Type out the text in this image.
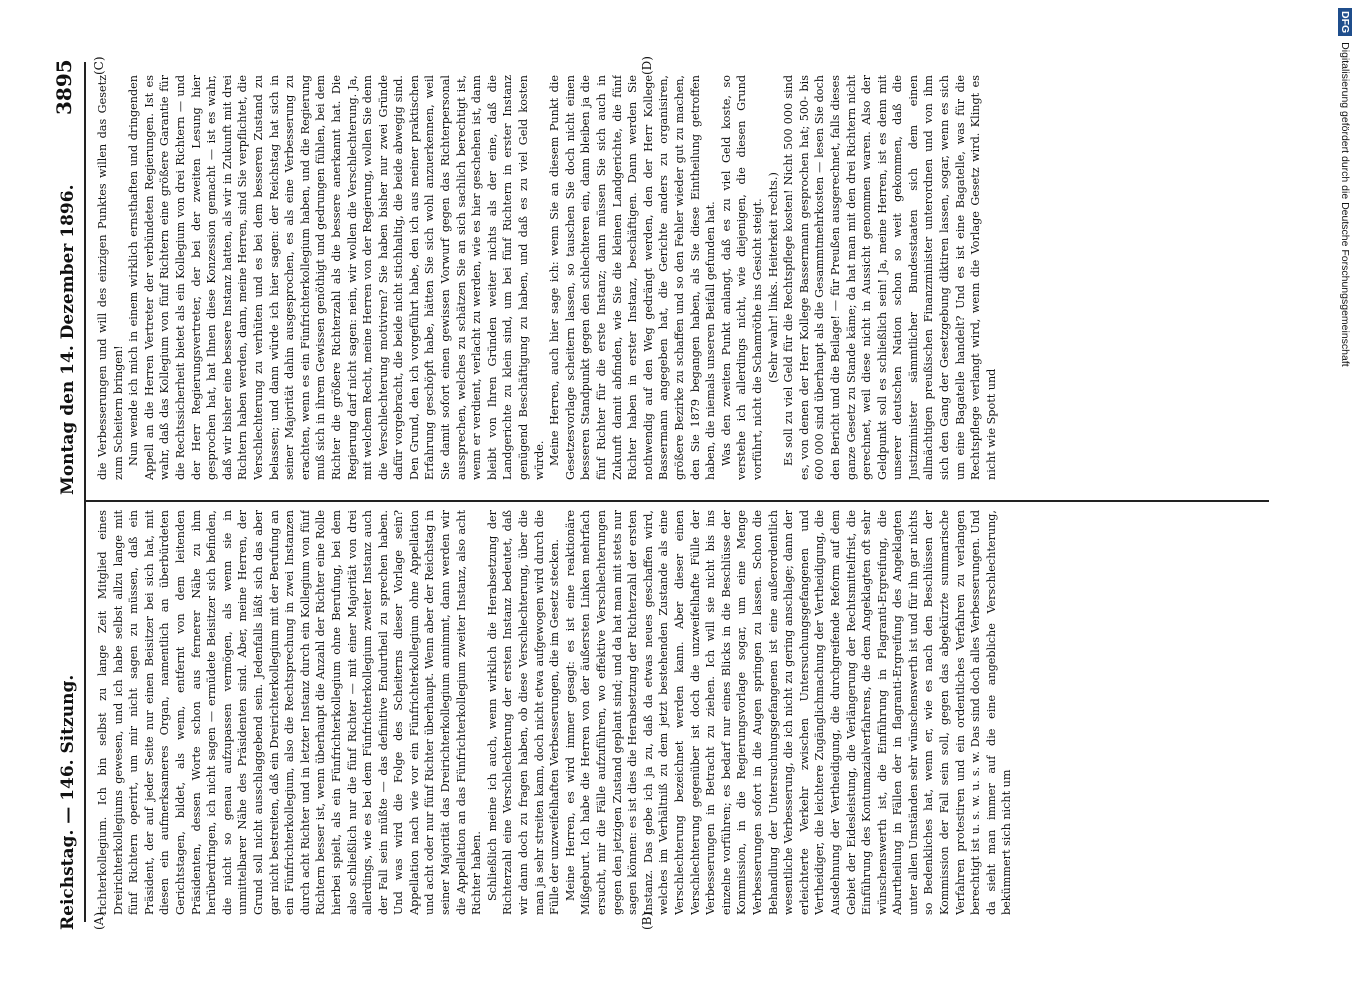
Reichstag. — 146. Sitzung.
Montag den 14. Dezember 1896.
3895
(A)	(B)
(C)	(D)

richterkollegium. Ich bin selbst zu lange Zeit Mitglied eines Dreirichterkollegiums gewesen, und ich habe selbst allzu lange mit fünf Richtern operirt, um mir nicht sagen zu müssen, daß ein Präsident, der auf jeder Seite nur einen Beisitzer bei sich hat, mit diesen ein aufmerksameres Organ, namentlich an überbürdeten Gerichtstagen, bildet, als wenn, entfernt von dem leitenden Präsidenten, dessen Worte schon aus fernerer Nähe zu ihm herüberdringen, ich nicht sagen — ermüdete Beisitzer sich befinden, die nicht so genau aufzupassen vermögen, als wenn sie in unmittelbarer Nähe des Präsidenten sind. Aber, meine Herren, der Grund soll nicht ausschlaggebend sein. Jedenfalls läßt sich das aber gar nicht bestreiten, daß ein Dreirichterkollegium mit der Berufung an ein Fünfrichterkollegium, also die Rechtsprechung in zwei Instanzen durch acht Richter und in letzter Instanz durch ein Kollegium von fünf Richtern besser ist, wenn überhaupt die Anzahl der Richter eine Rolle hierbei spielt, als ein Fünfrichterkollegium ohne Berufung, bei dem also schließlich nur die fünf Richter — mit einer Majorität von drei allerdings, wie es bei dem Fünfrichterkollegium zweiter Instanz auch der Fall sein müßte — das definitive Endurtheil zu sprechen haben. Und was wird die Folge des Scheiterns dieser Vorlage sein? Appellation nach wie vor ein Fünfrichterkollegium ohne Appellation und acht oder nur fünf Richter überhaupt. Wenn aber der Reichstag in seiner Majorität das Dreirichterkollegium annimmt, dann werden wir die Appellation an das Fünfrichterkollegium zweiter Instanz, also acht Richter haben. Schließlich meine ich auch, wenn wirklich die Herabsetzung der Richterzahl eine Verschlechterung der ersten Instanz bedeutet, daß wir dann doch zu fragen haben, ob diese Verschlechterung, über die man ja sehr streiten kann, doch nicht etwa aufgewogen wird durch die Fülle der unzweifelhaften Verbesserungen, die im Gesetz stecken. Meine Herren, es wird immer gesagt: es ist eine reaktionäre Mißgeburt. Ich habe die Herren von der äußersten Linken mehrfach ersucht, mir die Fälle aufzuführen, wo effektive Verschlechterungen gegen den jetzigen Zustand geplant sind; und da hat man mit stets nur sagen können: es ist dies die Herabsetzung der Richterzahl der ersten Instanz. Das gebe ich ja zu, daß da etwas neues geschaffen wird, welches im Verhältniß zu dem jetzt bestehenden Zustande als eine Verschlechterung bezeichnet werden kann. Aber dieser einen Verschlechterung gegenüber ist doch die unzweifelhafte Fülle der Verbesserungen in Betracht zu ziehen. Ich will sie nicht bis ins einzelne vorführen; es bedarf nur eines Blicks in die Beschlüsse der Kommission, in die Regierungsvorlage sogar, um eine Menge Verbesserungen sofort in die Augen springen zu lassen. Schon die Behandlung der Untersuchungsgefangenen ist eine außerordentlich wesentliche Verbesserung, die ich nicht zu gering anschlage; dann der erleichterte Verkehr zwischen Untersuchungsgefangenen und Vertheidiger, die leichtere Zugänglichmachung der Vertheidigung, die Ausdehnung der Vertheidigung, die durchgreifende Reform auf dem Gebiet der Eidesleistung, die Verlängerung der Rechtsmittelfrist, die Einführung des Kontumazialverfahrens, die dem Angeklagten oft sehr wünschenswerth ist, die Einführung in Flagranti-Ergreifung, die Aburtheilung in Fällen der in flagranti-Ergreifung des Angeklagten unter allen Umständen sehr wünschenswerth ist und für ihn gar nichts so Bedenkliches hat, wenn er, wie es nach den Beschlüssen der Kommission der Fall sein soll, gegen das abgekürzte summarische Verfahren protestiren und ein ordentliches Verfahren zu verlangen berechtigt ist u. s. w. u. s. w. Das sind doch alles Verbesserungen. Und da sieht man immer auf die eine angebliche Verschlechterung, bekümmert sich nicht um

die Verbesserungen und will des einzigen Punktes willen das Gesetz zum Scheitern bringen! Nun wende ich mich in einem wirklich ernsthaften und dringenden Appell an die Herren Vertreter der verbündeten Regierungen. Ist es wahr, daß das Kollegium von fünf Richtern eine größere Garantie für die Rechtssicherheit bietet als ein Kollegium von drei Richtern — und der Herr Regierungsvertreter, der bei der zweiten Lesung hier gesprochen hat, hat Ihnen diese Konzession gemacht — ist es wahr, daß wir bisher eine bessere Instanz hatten, als wir in Zukunft mit drei Richtern haben werden, dann, meine Herren, sind Sie verpflichtet, die Verschlechterung zu verhüten und es bei dem besseren Zustand zu belassen; und dann würde ich hier sagen: der Reichstag hat sich in seiner Majorität dahin ausgesprochen, es als eine Verbesserung zu erachten, wenn es ein Fünfrichterkollegium haben, und die Regierung muß sich in ihrem Gewissen genöthigt und gedrungen fühlen, bei dem Richter die größere Richterzahl als die bessere anerkannt hat. Die Regierung darf nicht sagen: nein, wir wollen die Verschlechterung. Ja, mit welchem Recht, meine Herren von der Regierung, wollen Sie denn die Verschlechterung motiviren? Sie haben bisher nur zwei Gründe dafür vorgebracht, die beide nicht stichhaltig, die beide abwegig sind. Den Grund, den ich vorgeführt habe, den ich aus meiner praktischen Erfahrung geschöpft habe, hätten Sie sich wohl anzuerkennen, weil Sie damit sofort einen gewissen Vorwurf gegen das Richterpersonal aussprechen, welches zu schätzen Sie an sich sachlich berechtigt ist, wenn er verdient, verlacht zu werden, wie es hier geschehen ist, dann bleibt von Ihren Gründen weiter nichts als der eine, daß die Landgerichte zu klein sind, um bei fünf Richtern in erster Instanz genügend Beschäftigung zu haben, und daß es zu viel Geld kosten würde. Meine Herren, auch hier sage ich: wenn Sie an diesem Punkt die Gesetzesvorlage scheitern lassen, so tauschen Sie doch nicht einen besseren Standpunkt gegen den schlechteren ein, dann bleiben ja die fünf Richter für die erste Instanz; dann müssen Sie sich auch in Zukunft damit abfinden, wie Sie die kleinen Landgerichte, die fünf Richter haben in erster Instanz, beschäftigen. Dann werden Sie nothwendig auf den Weg gedrängt werden, den der Herr Kollege Bassermann angegeben hat, die Gerichte anders zu organisiren, größere Bezirke zu schaffen und so den Fehler wieder gut zu machen, den Sie 1879 begangen haben, als Sie diese Eintheilung getroffen haben, die niemals unseren Beifall gefunden hat. Was den zweiten Punkt anlangt, daß es zu viel Geld koste, so verstehe ich allerdings nicht, wie diejenigen, die diesen Grund vorführt, nicht die Schamröthe ins Gesicht steigt. (Sehr wahr! links. Heiterkeit rechts.) Es soll zu viel Geld für die Rechtspflege kosten! Nicht 500 000 sind es, von denen der Herr Kollege Bassermann gesprochen hat; 500- bis 600 000 sind überhaupt als die Gesammtmehrkosten — lesen Sie doch den Bericht und die Beilage! — für Preußen ausgerechnet, falls dieses ganze Gesetz zu Stande käme; da hat man mit den drei Richtern nicht gerechnet, weil diese nicht in Aussicht genommen waren. Also der Geldpunkt soll es schließlich sein! Ja, meine Herren, ist es denn mit unserer deutschen Nation schon so weit gekommen, daß die Justizminister sämmtlicher Bundesstaaten sich dem einen allmächtigen preußischen Finanzminister unterordnen und von ihm sich den Gang der Gesetzgebung diktiren lassen, sogar, wenn es sich um eine Bagatelle handelt? Und es ist eine Bagatelle, was für die Rechtspflege verlangt wird, wenn die Vorlage Gesetz wird. Klingt es nicht wie Spott und

DFGDigitalisierung gefördert durch die Deutsche Forschungsgemeinschaft
